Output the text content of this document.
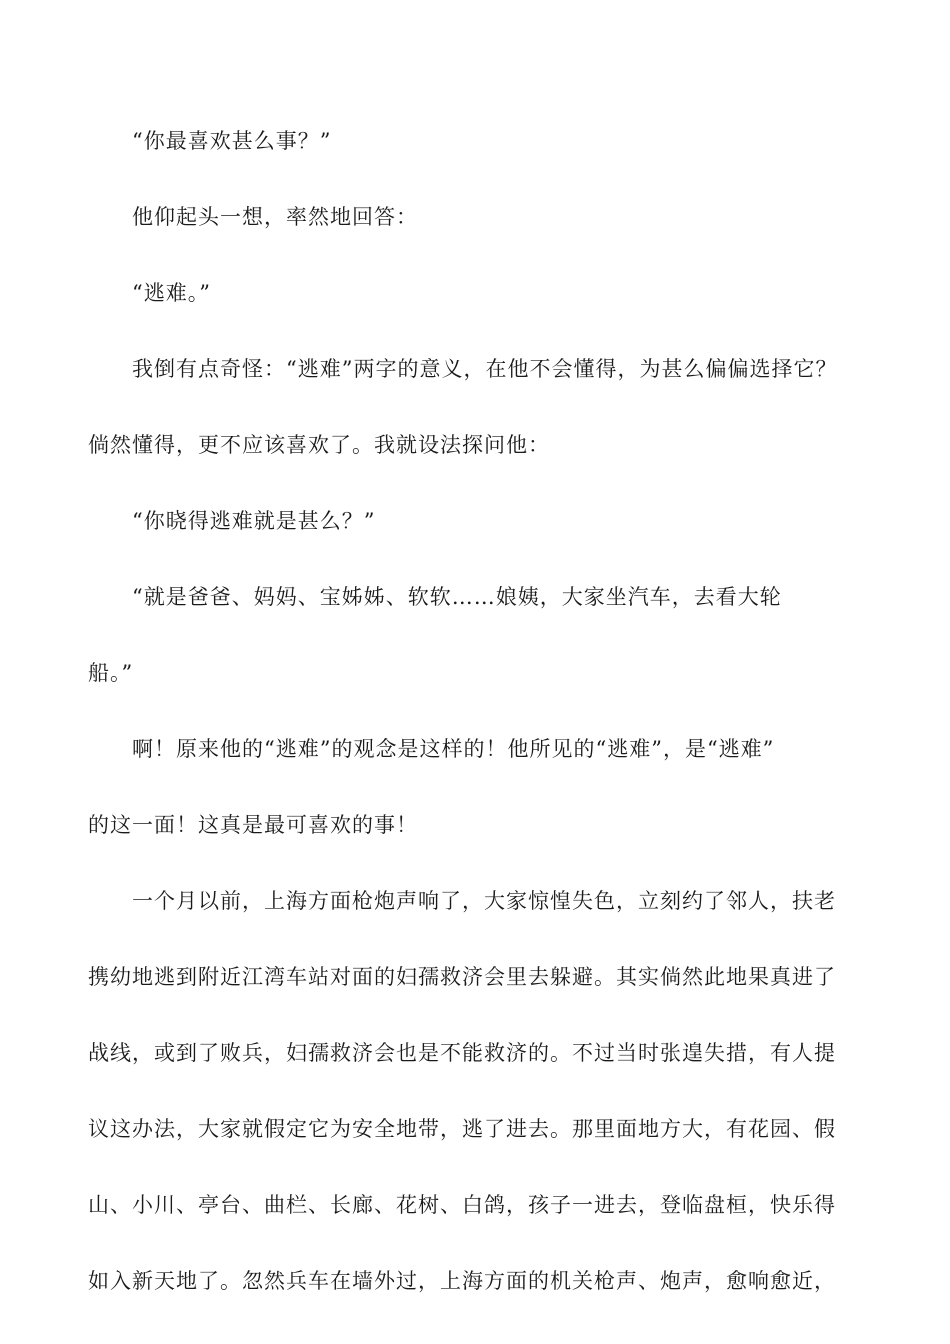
“你最喜欢甚么事？”

他仰起头一想，率然地回答：

“逃难。”

我倒有点奇怪：“逃难”两字的意义，在他不会懂得，为甚么偏偏选择它？
倘然懂得，更不应该喜欢了。我就设法探问他：

“你晓得逃难就是甚么？”

“就是爸爸、妈妈、宝姊姊、软软……娘姨，大家坐汽车，去看大轮
船。”

啊！原来他的“逃难”的观念是这样的！他所见的“逃难”，是“逃难”
的这一面！这真是最可喜欢的事！

一个月以前，上海方面枪炮声响了，大家惊惶失色，立刻约了邻人，扶老
携幼地逃到附近江湾车站对面的妇孺救济会里去躲避。其实倘然此地果真进了
战线，或到了败兵，妇孺救济会也是不能救济的。不过当时张遑失措，有人提
议这办法，大家就假定它为安全地带，逃了进去。那里面地方大，有花园、假
山、小川、亭台、曲栏、长廊、花树、白鸽，孩子一进去，登临盘桓，快乐得
如入新天地了。忽然兵车在墙外过，上海方面的机关枪声、炮声，愈响愈近，
